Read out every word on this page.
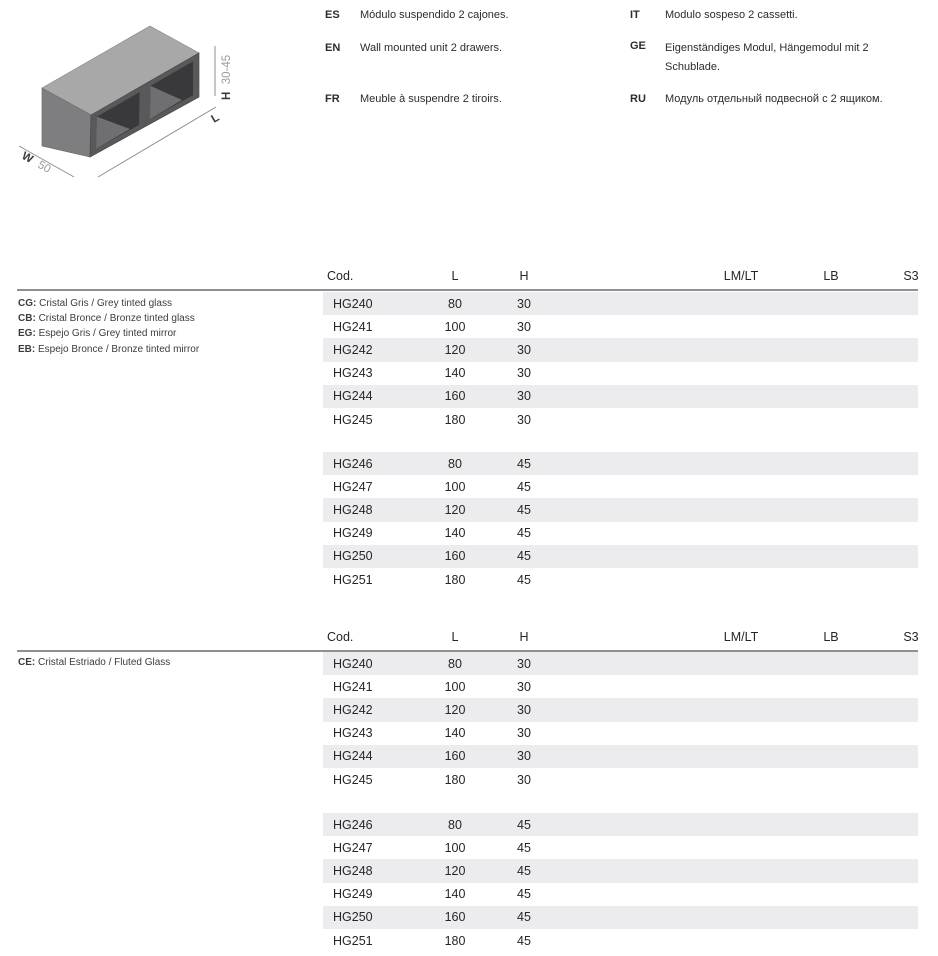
H 30-45
L
W 50
ES	Módulo suspendido 2 cajones.
EN	Wall mounted unit 2 drawers.
FR	Meuble à suspendre 2 tiroirs.
IT	Modulo sospeso 2 cassetti.
GE	Eigenständiges Modul, Hängemodul mit 2 Schublade.
RU	Модуль отдельный подвесной с 2 ящиком.
Cod.	L	H	LM/LT	LB	S3
CG: Cristal Gris / Grey tinted glass
CB: Cristal Bronce / Bronze tinted glass
EG: Espejo Gris / Grey tinted mirror
EB: Espejo Bronce / Bronze tinted mirror
HG240	80	30
HG241	100	30
HG242	120	30
HG243	140	30
HG244	160	30
HG245	180	30
HG246	80	45
HG247	100	45
HG248	120	45
HG249	140	45
HG250	160	45
HG251	180	45
Cod.	L	H	LM/LT	LB	S3
CE: Cristal Estriado / Fluted Glass	HG240	80	30
HG241	100	30
HG242	120	30
HG243	140	30
HG244	160	30
HG245	180	30
HG246	80	45
HG247	100	45
HG248	120	45
HG249	140	45
HG250	160	45
HG251	180	45
